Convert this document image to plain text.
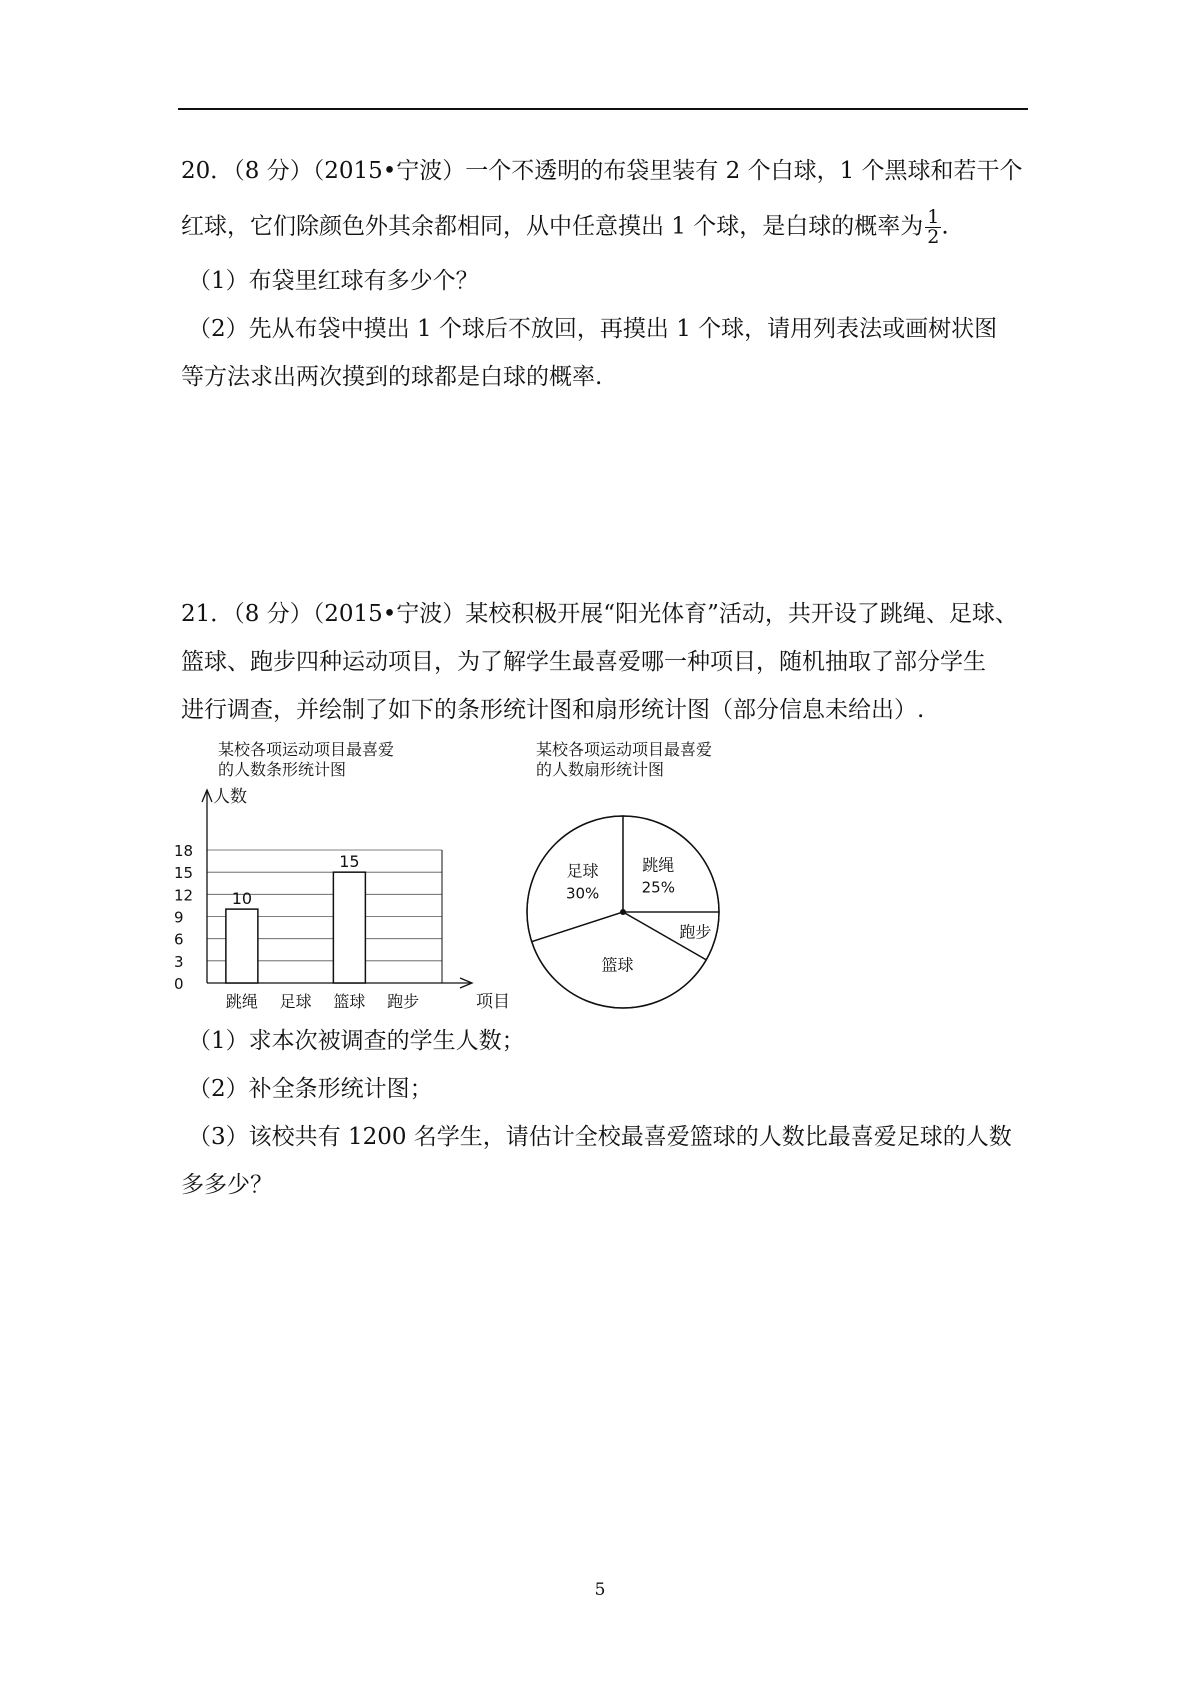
20．（8 分）（2015•宁波）一个不透明的布袋里装有 2 个白球，1 个黑球和若干个
红球，它们除颜色外其余都相同，从中任意摸出 1 个球，是白球的概率为 $\frac{1}{2}$ .
（1）布袋里红球有多少个？
（2）先从布袋中摸出 1 个球后不放回，再摸出 1 个球，请用列表法或画树状图
等方法求出两次摸到的球都是白球的概率.
21．（8 分）（2015•宁波）某校积极开展“阳光体育”活动，共开设了跳绳、足球、
篮球、跑步四种运动项目，为了解学生最喜爱哪一种项目，随机抽取了部分学生
进行调查，并绘制了如下的条形统计图和扇形统计图（部分信息未给出）.
某校各项运动项目最喜爱
的人数条形统计图
0
3
6
9
12
15
18
人数
项目
10
跳绳 足球
15
篮球 跑步
某校各项运动项目最喜爱
的人数扇形统计图
跳绳
25%
跑步
篮球
足球
30%
（1）求本次被调查的学生人数；
（2）补全条形统计图；
（3）该校共有 1200 名学生，请估计全校最喜爱篮球的人数比最喜爱足球的人数
多多少？
5
